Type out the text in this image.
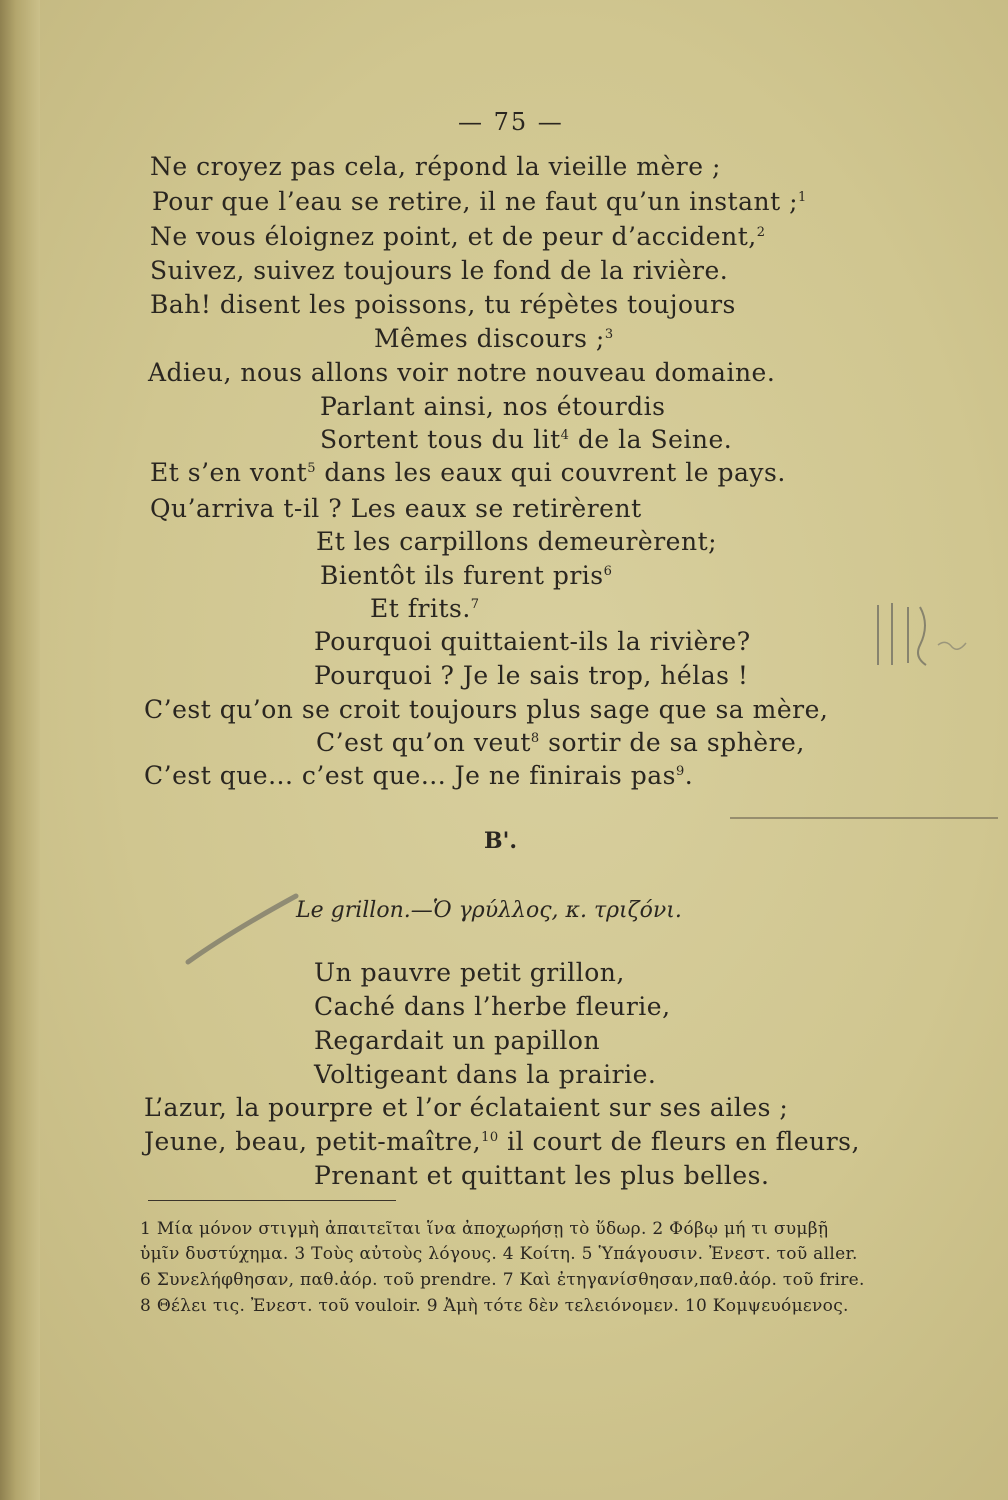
— 75 —
Ne croyez pas cela, répond la vieille mère ;
Pour que l’eau se retire, il ne faut qu’un instant ;$^1$
Ne vous éloignez point, et de peur d’accident,$^2$
Suivez, suivez toujours le fond de la rivière.
Bah! disent les poissons, tu répètes toujours
Mêmes discours ;$^3$
Adieu, nous allons voir notre nouveau domaine.
Parlant ainsi, nos étourdis
Sortent tous du lit$^4$ de la Seine.
Et s’en vont$^5$ dans les eaux qui couvrent le pays.
Qu’arriva t-il ? Les eaux se retirèrent
Et les carpillons demeurèrent;
Bientôt ils furent pris$^6$
Et frits.$^7$
Pourquoi quittaient-ils la rivière?
Pourquoi ? Je le sais trop, hélas !
C’est qu’on se croit toujours plus sage que sa mère,
C’est qu’on veut$^8$ sortir de sa sphère,
C’est que... c’est que... Je ne finirais pas$^9$.
B'.
Le grillon.—Ὁ γρύλλος, κ. τριζόνι.
Un pauvre petit grillon,
Caché dans l’herbe fleurie,
Regardait un papillon
Voltigeant dans la prairie.
L’azur, la pourpre et l’or éclataient sur ses ailes ;
Jeune, beau, petit-maître,$^{10}$ il court de fleurs en fleurs,
Prenant et quittant les plus belles.
1 Μία μόνον στιγμὴ ἀπαιτεῖται ἵνα ἀποχωρήσῃ τὸ ὕδωρ. 2 Φόβῳ μή τι συμβῇ
ὑμῖν δυστύχημα. 3 Τοὺς αὐτοὺς λόγους. 4 Κοίτη. 5 Ὑπάγουσιν. Ἐνεστ. τοῦ aller.
6 Συνελήφθησαν, παθ.ἀόρ. τοῦ prendre. 7 Καὶ ἐτηγανίσθησαν,παθ.ἀόρ. τοῦ frire.
8 Θέλει τις. Ἐνεστ. τοῦ vouloir. 9 Ἀμὴ τότε δὲν τελειόνομεν. 10 Κομψευόμενος.
